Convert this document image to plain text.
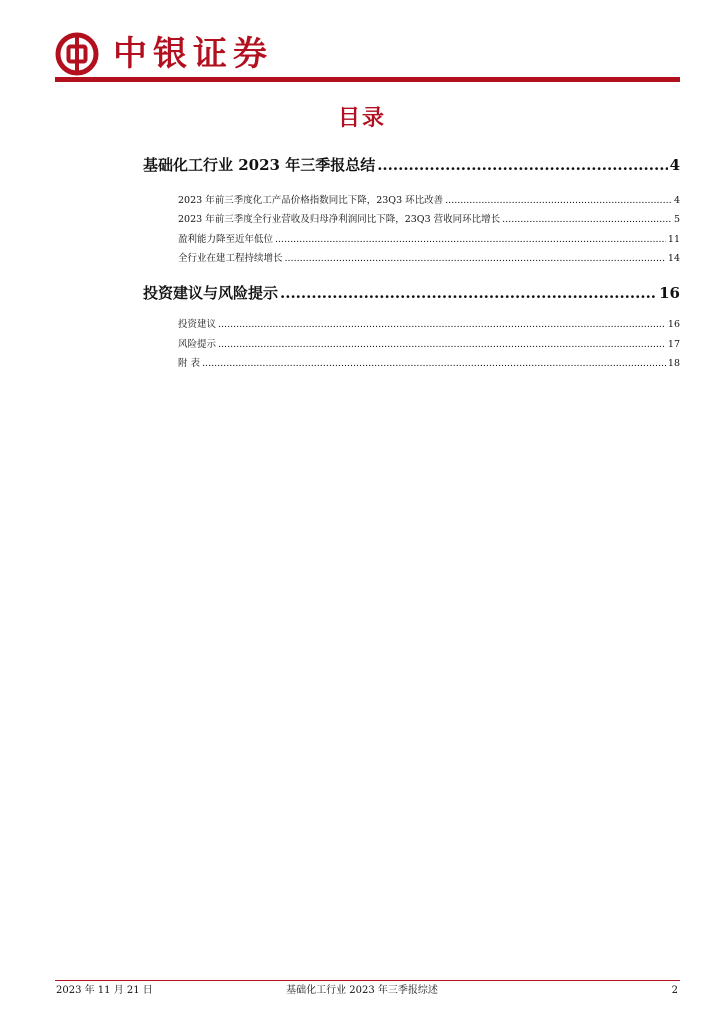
中银证券
目录
基础化工行业 2023 年三季报总结 .....	4
2023 年前三季度化工产品价格指数同比下降，23Q3 环比改善 .....	4
2023 年前三季度全行业营收及归母净利润同比下降，23Q3 营收同环比增长 .....	5
盈利能力降至近年低位 .....	11
全行业在建工程持续增长 .....	14
投资建议与风险提示 .....	16
投资建议 .....	16
风险提示 .....	17
附 表 .....	18
2023 年 11 月 21 日	基础化工行业 2023 年三季报综述	2
